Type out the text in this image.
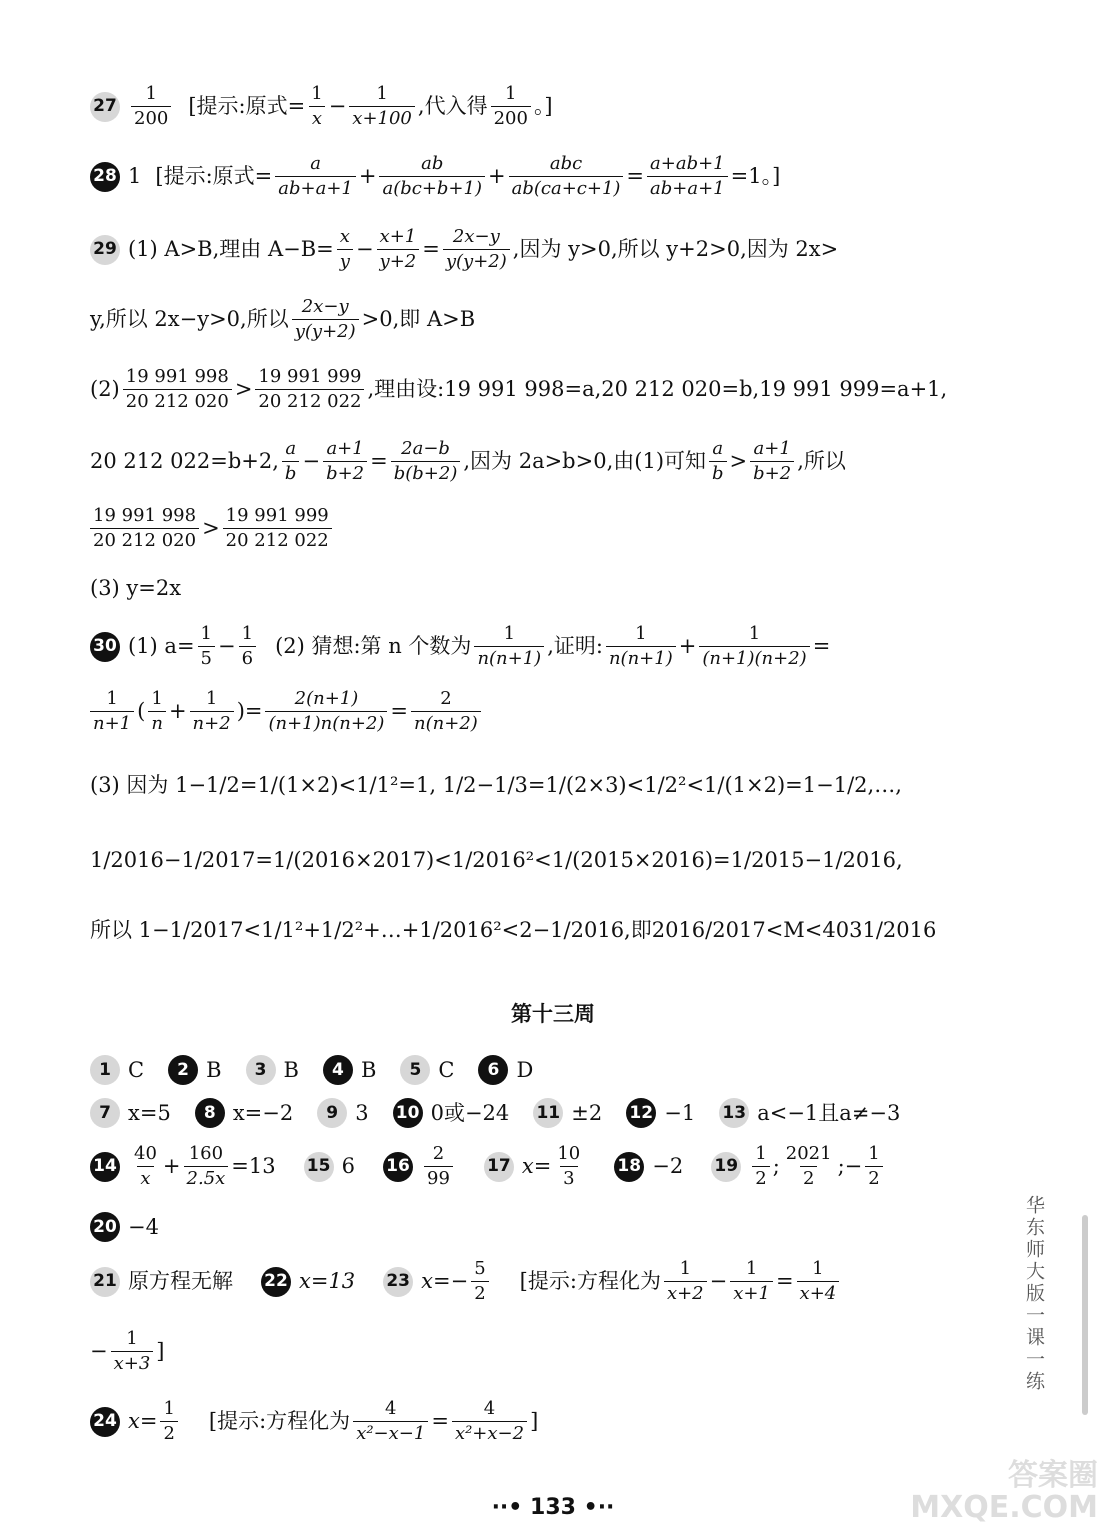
27
1
200
[提示:原式= $\frac{1}{x} - \frac{1}{x+100}$ ,代入得
1
200
。]
28 1 [提示:原式= $\frac{a}{ab+a+1} + \frac{ab}{a(bc+b+1)}$ +
abc
ab(ca+c+1)
= $\frac{a+ab+1}{ab+a+1} =1$。]
29 (1) A>B,理由 $A-B= \frac{x}{y} - \frac{x+1}{y+2} = \frac{2x-y}{y(y+2)}$ ,因为 y>0,所以 y+2>0,因为 2x>
y,所以 2x−y>0,所以
2x−y
y(y+2)
>0,即 A>B
(2)
19 991 998
20 212 020
>
19 991 999
20 212 022
,理由设:19 991 998=a,20 212 020=b,19 991 999=a+1,
20 212 022=b+2,
a
b
− $\frac{a+1}{b+2} = \frac{2a-b}{b(b+2)}$ ,因为 2a>b>0,由(1)可知
a
b
>
a+1
b+2
,所以
19 991 998
20 212 020
>
19 991 999
20 212 022
(3) y=2x
30 (1) $a= \frac{1}{5} - \frac{1}{6} (2)$ 猜想:第 n 个数为
1
n(n+1)
,证明:
1
n(n+1)
+ $\frac{1}{(n+1)(n+2)}$ =
1
n+1
(
1
n
+ $\frac{1}{n+2}$ )= $\frac{2(n+1)}{(n+1)n(n+2)} = \frac{2}{n(n+2)}$
(3) 因为 1−1/2=1/(1×2)<1/1²=1, 1/2−1/3=1/(2×3)<1/2²<1/(1×2)=1−1/2,…,
1/2016−1/2017=1/(2016×2017)<1/2016²<1/(2015×2016)=1/2015−1/2016,
所以 1−1/2017<1/1²+1/2²+…+1/2016²<2−1/2016,即2016/2017<M<4031/2016
第十三周
1 C	2 B	3 B	4 B	5 C	6 D
7 x=5	8 x=−2	9 3 10 0或−24 11 ±2 12 −1 13 a<−1且a≠−3
14
40
x
+ $\frac{160}{2.5x} =13$ 15 6 16
2
99
17 $x= \frac{10}{3} 18 -2$ 19
1
2
;
2021
2
;− $\frac{1}{2}$
20 −4
21 原方程无解 22 x=13 23 $x=- \frac{5}{2}$ [提示:方程化为
1
x+2
− $\frac{1}{x+1} = \frac{1}{x+4}$
− $\frac{1}{x+3}$ ]
24 $x= \frac{1}{2}$ [提示:方程化为 $\frac{4}{\text{x²−x−1}} = \frac{4}{\text{x²+x−2}}$ ]
华东师大版一课一练
··• 133 •··
答案圈 MXQE.COM
